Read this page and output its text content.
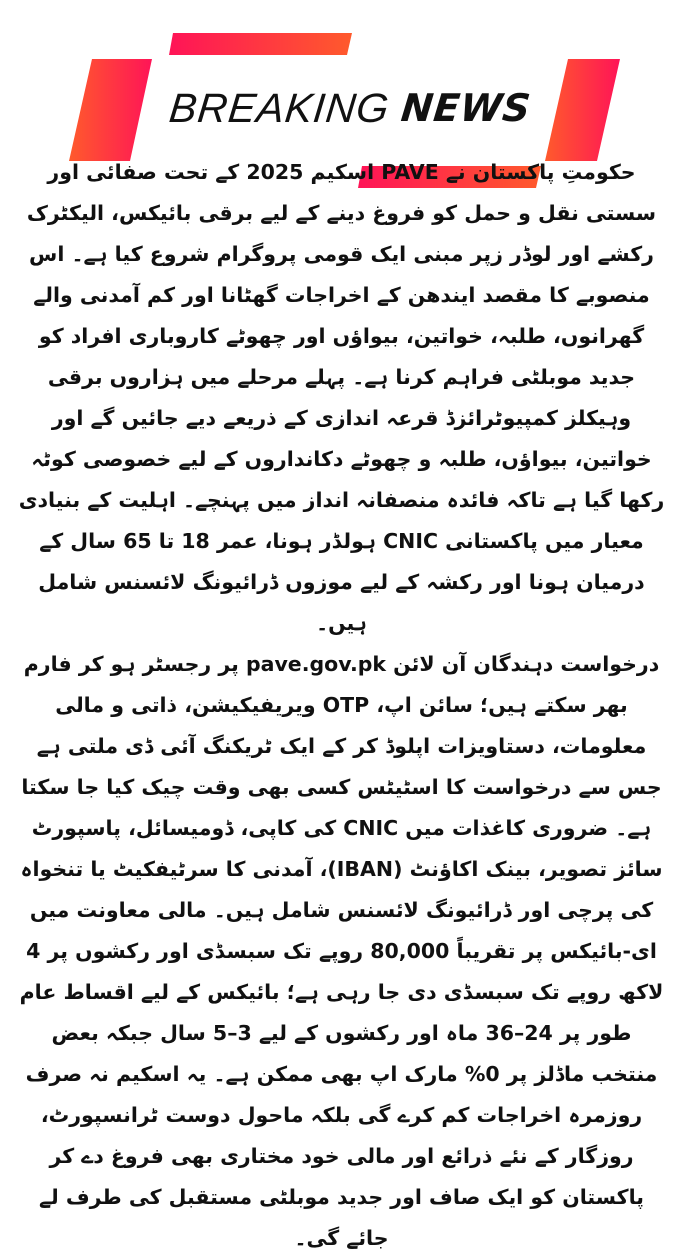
BREAKING NEWS

حکومتِ پاکستان نے PAVE اسکیم 2025 کے تحت صفائی اور سستی نقل و حمل کو فروغ دینے کے لیے برقی بائیکس، الیکٹرک رکشے اور لوڈر زپر مبنی ایک قومی پروگرام شروع کیا ہے۔ اس منصوبے کا مقصد ایندھن کے اخراجات گھٹانا اور کم آمدنی والے گھرانوں، طلبہ، خواتین، بیواؤں اور چھوٹے کاروباری افراد کو جدید موبلٹی فراہم کرنا ہے۔ پہلے مرحلے میں ہزاروں برقی وہیکلز کمپیوٹرائزڈ قرعہ اندازی کے ذریعے دیے جائیں گے اور خواتین، بیواؤں، طلبہ و چھوٹے دکانداروں کے لیے خصوصی کوٹہ رکھا گیا ہے تاکہ فائدہ منصفانہ انداز میں پہنچے۔ اہلیت کے بنیادی معیار میں پاکستانی CNIC ہولڈر ہونا، عمر 18 تا 65 سال کے درمیان ہونا اور رکشہ کے لیے موزوں ڈرائیونگ لائسنس شامل ہیں۔

درخواست دہندگان آن لائن pave.gov.pk پر رجسٹر ہو کر فارم بھر سکتے ہیں؛ سائن اپ، OTP ویریفیکیشن، ذاتی و مالی معلومات، دستاویزات اپلوڈ کر کے ایک ٹریکنگ آئی ڈی ملتی ہے جس سے درخواست کا اسٹیٹس کسی بھی وقت چیک کیا جا سکتا ہے۔ ضروری کاغذات میں CNIC کی کاپی، ڈومیسائل، پاسپورٹ سائز تصویر، بینک اکاؤنٹ (IBAN)، آمدنی کا سرٹیفکیٹ یا تنخواہ کی پرچی اور ڈرائیونگ لائسنس شامل ہیں۔ مالی معاونت میں ای-بائیکس پر تقریباً 80,000 روپے تک سبسڈی اور رکشوں پر 4 لاکھ روپے تک سبسڈی دی جا رہی ہے؛ بائیکس کے لیے اقساط عام طور پر 24–36 ماہ اور رکشوں کے لیے 3–5 سال جبکہ بعض منتخب ماڈلز پر 0% مارک اپ بھی ممکن ہے۔ یہ اسکیم نہ صرف روزمرہ اخراجات کم کرے گی بلکہ ماحول دوست ٹرانسپورٹ، روزگار کے نئے ذرائع اور مالی خود مختاری بھی فروغ دے کر پاکستان کو ایک صاف اور جدید موبلٹی مستقبل کی طرف لے جائے گی۔
